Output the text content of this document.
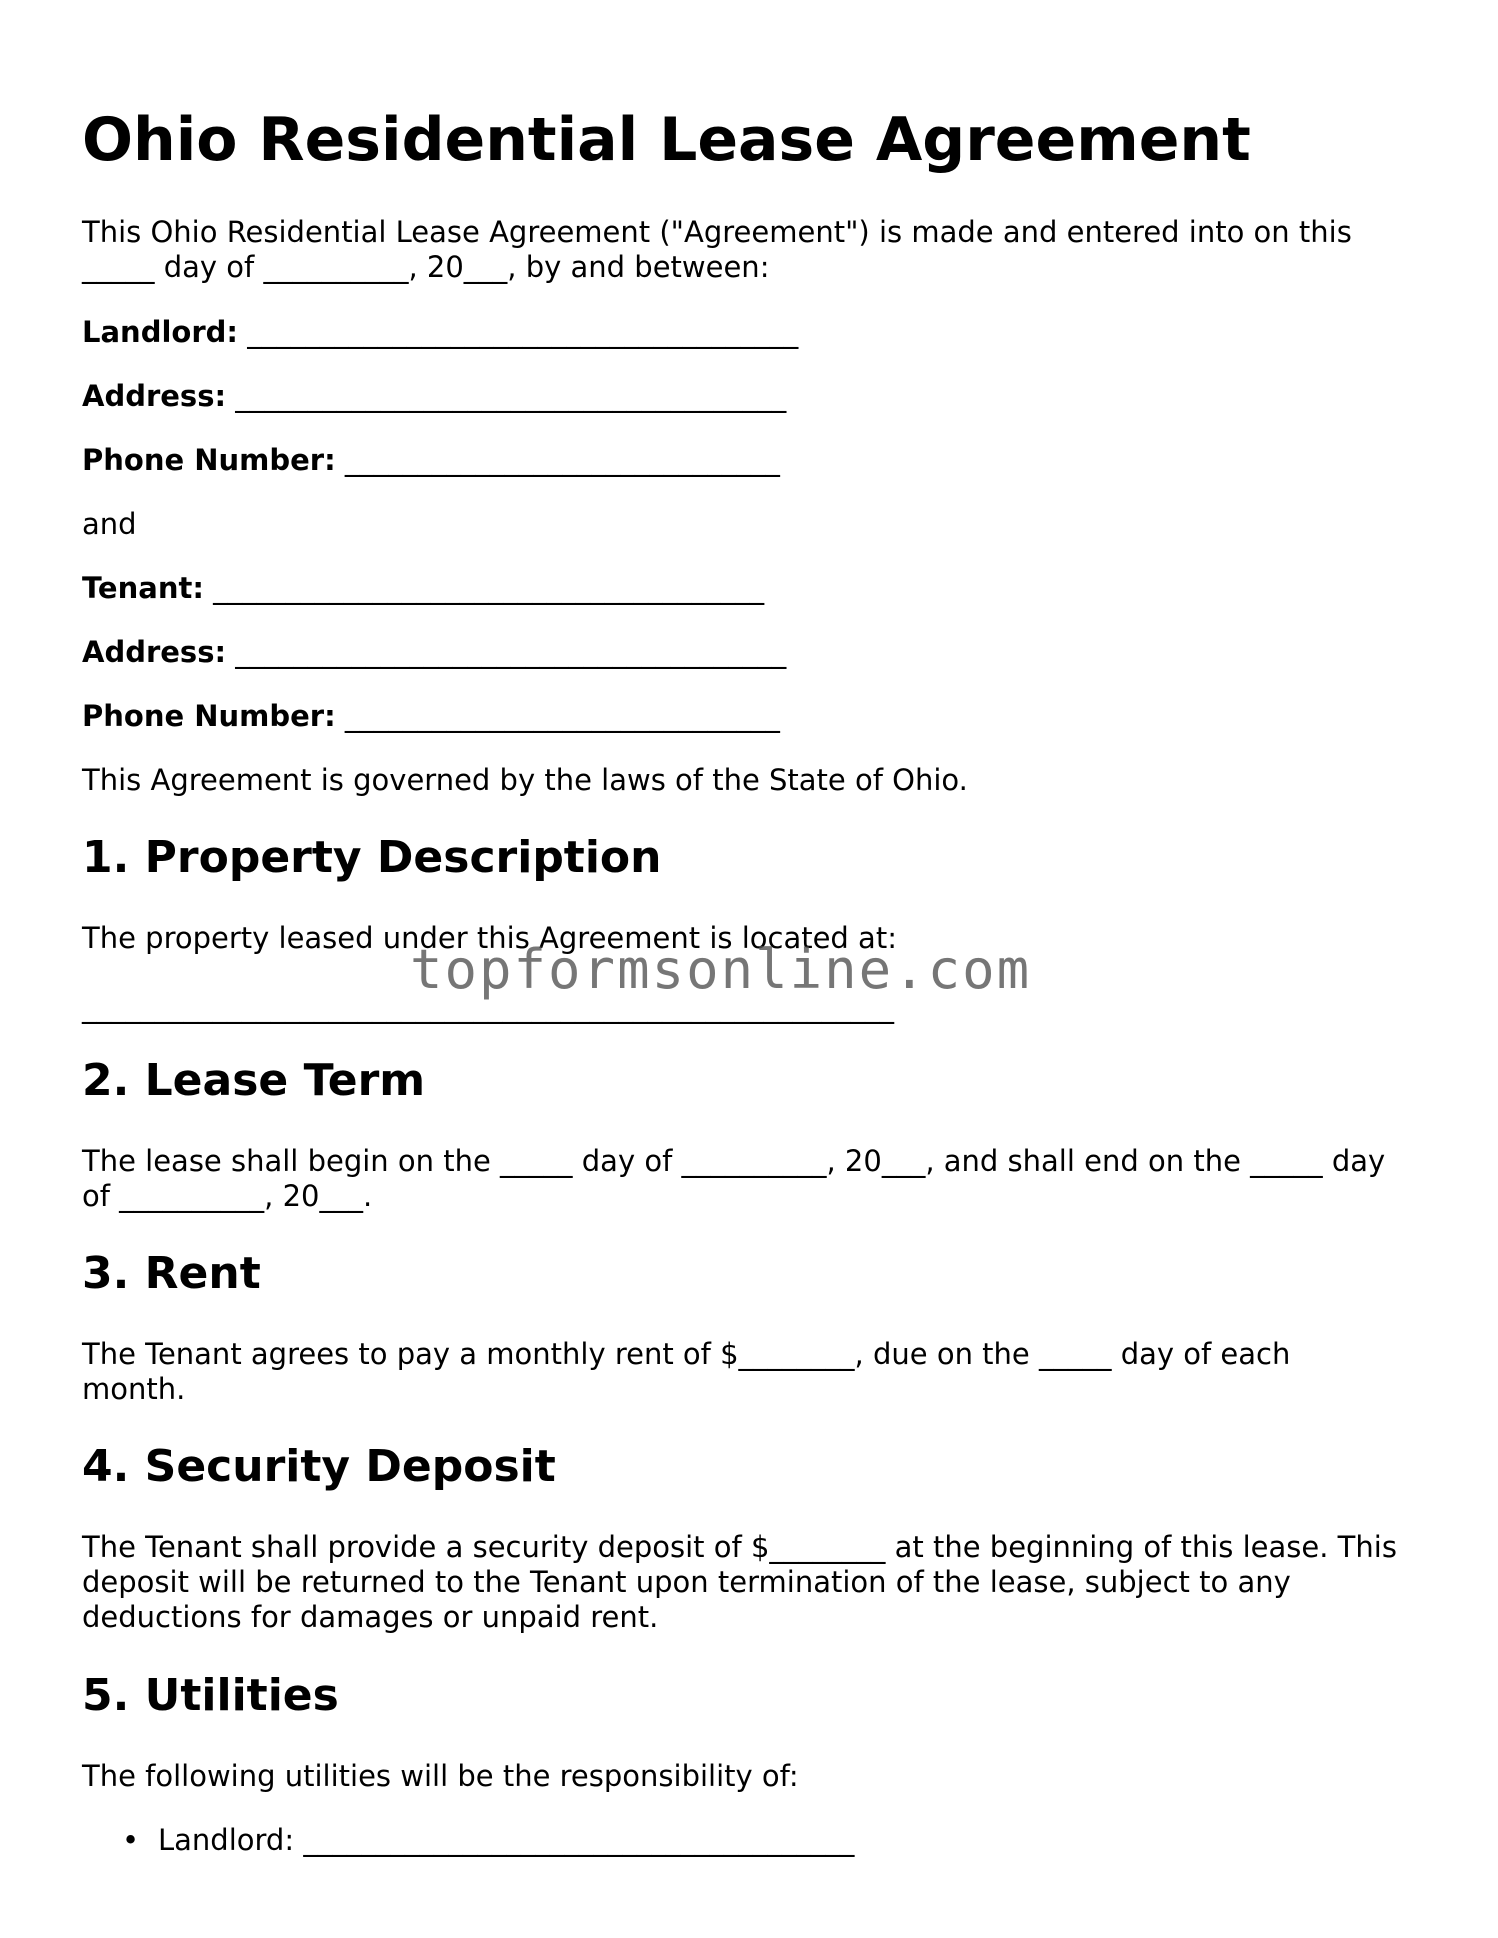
Ohio Residential Lease Agreement
This Ohio Residential Lease Agreement ("Agreement") is made and entered into on this
_____ day of __________, 20___, by and between:
Landlord: ______________________________________
Address: ______________________________________
Phone Number: ______________________________
and
Tenant: ______________________________________
Address: ______________________________________
Phone Number: ______________________________
This Agreement is governed by the laws of the State of Ohio.
1. Property Description
The property leased under this Agreement is located at:
________________________________________________________
2. Lease Term
The lease shall begin on the _____ day of __________, 20___, and shall end on the _____ day
of __________, 20___.
3. Rent
The Tenant agrees to pay a monthly rent of $________, due on the _____ day of each
month.
4. Security Deposit
The Tenant shall provide a security deposit of $________ at the beginning of this lease. This
deposit will be returned to the Tenant upon termination of the lease, subject to any
deductions for damages or unpaid rent.
5. Utilities
The following utilities will be the responsibility of:
• Landlord: ______________________________________
topformsonline.com
